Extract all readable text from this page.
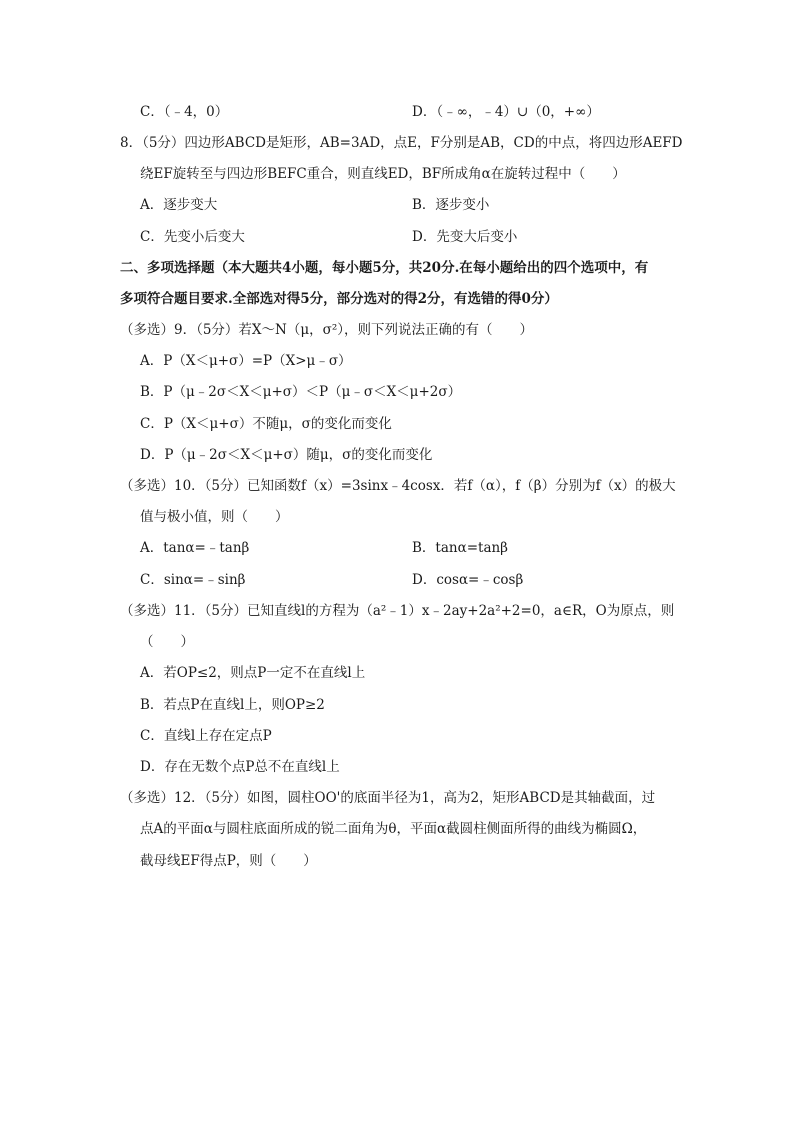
C．（﹣4，0）	D．（﹣∞，﹣4）∪（0，+∞）
8．（5分）四边形ABCD是矩形，AB=3AD，点E，F分别是AB，CD的中点，将四边形AEFD
绕EF旋转至与四边形BEFC重合，则直线ED，BF所成角α在旋转过程中（　　）
A．逐步变大	B．逐步变小
C．先变小后变大	D．先变大后变小
二、多项选择题（本大题共4小题，每小题5分，共20分.在每小题给出的四个选项中，有
多项符合题目要求.全部选对得5分，部分选对的得2分，有选错的得0分）
（多选）9．（5分）若X～N（μ，σ²），则下列说法正确的有（　　）
A．P（X＜μ+σ）=P（X>μ﹣σ）
B．P（μ﹣2σ＜X＜μ+σ）＜P（μ﹣σ＜X＜μ+2σ）
C．P（X＜μ+σ）不随μ，σ的变化而变化
D．P（μ﹣2σ＜X＜μ+σ）随μ，σ的变化而变化
（多选）10．（5分）已知函数f（x）=3sinx﹣4cosx．若f（α），f（β）分别为f（x）的极大
值与极小值，则（　　）
A．tanα=﹣tanβ	B．tanα=tanβ
C．sinα=﹣sinβ	D．cosα=﹣cosβ
（多选）11．（5分）已知直线l的方程为（a²﹣1）x﹣2ay+2a²+2=0，a∈R，O为原点，则
（　　）
A．若OP≤2，则点P一定不在直线l上
B．若点P在直线l上，则OP≥2
C．直线l上存在定点P
D．存在无数个点P总不在直线l上
（多选）12．（5分）如图，圆柱OO'的底面半径为1，高为2，矩形ABCD是其轴截面，过
点A的平面α与圆柱底面所成的锐二面角为θ，平面α截圆柱侧面所得的曲线为椭圆Ω，
截母线EF得点P，则（　　）
